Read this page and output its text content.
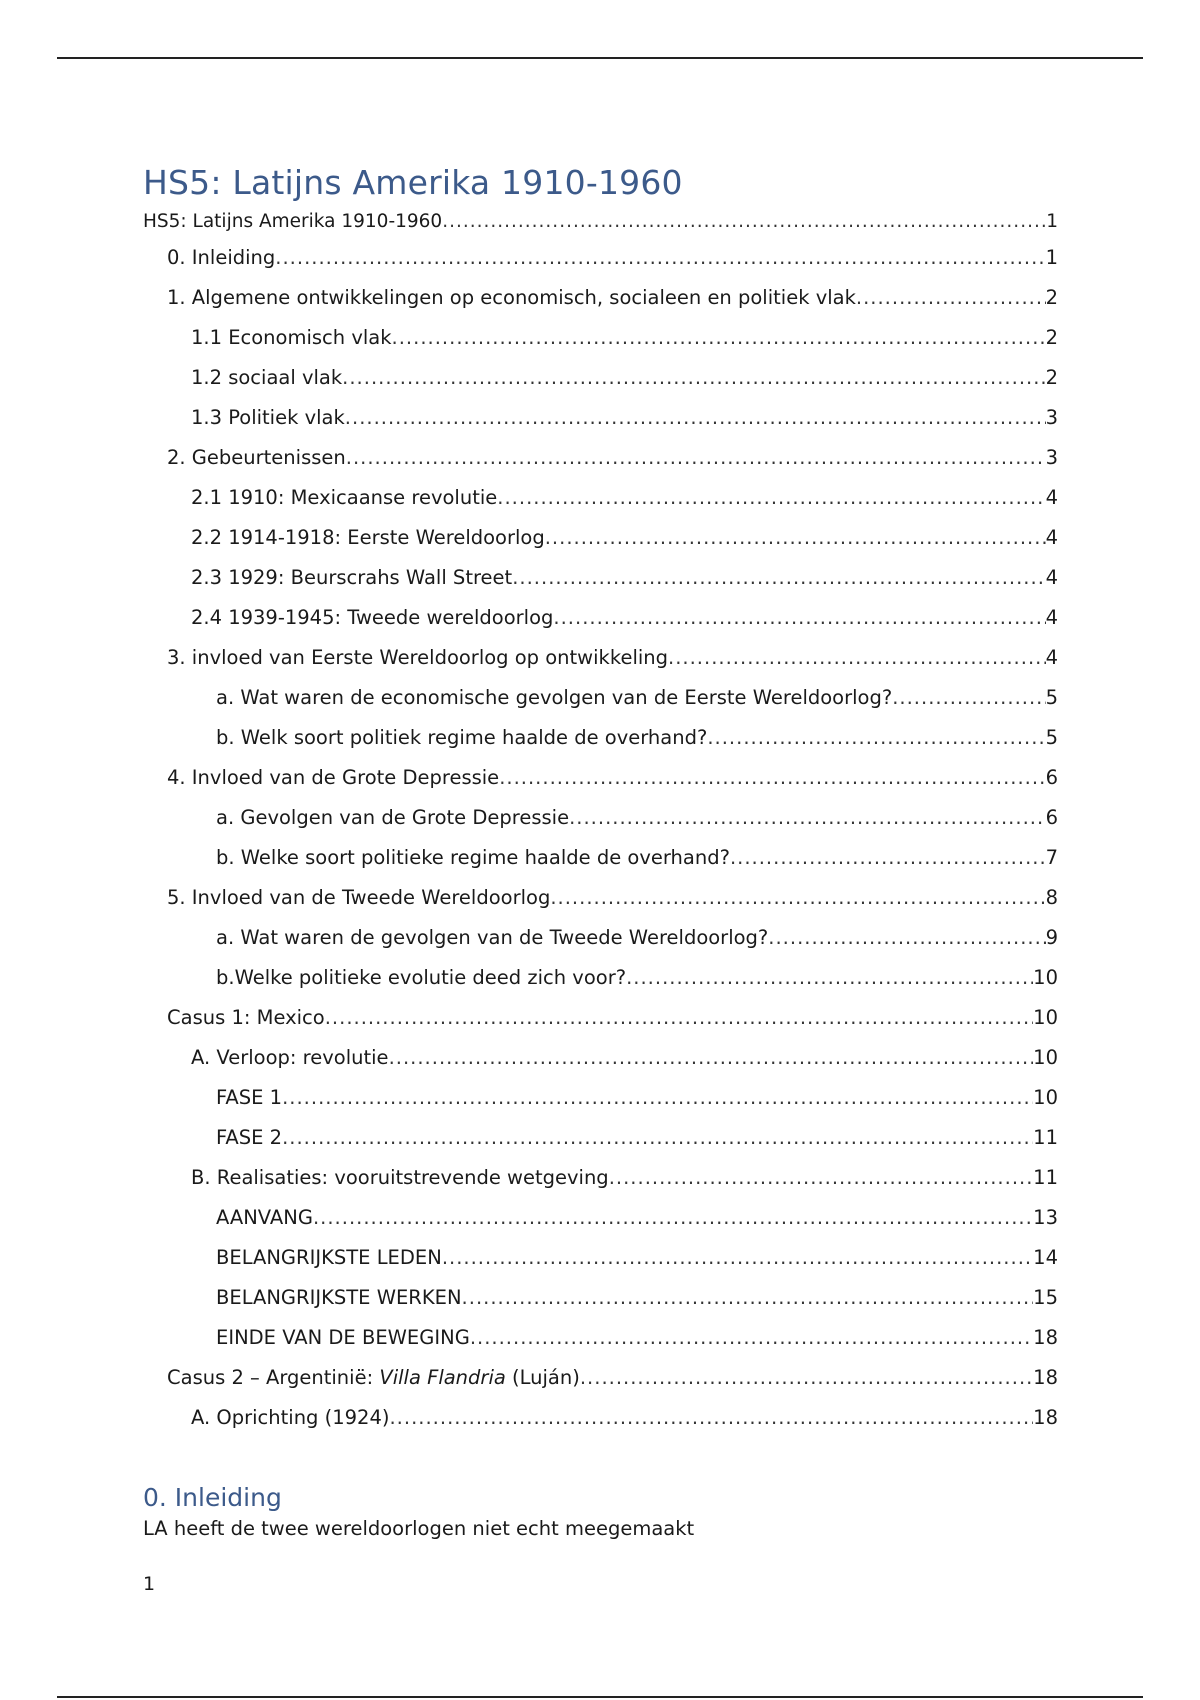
HS5: Latijns Amerika 1910-1960
HS5: Latijns Amerika 1910-1960 .....	1
0. Inleiding .....	1
1. Algemene ontwikkelingen op economisch, socialeen en politiek vlak .....	2
1.1 Economisch vlak .....	2
1.2 sociaal vlak .....	2
1.3 Politiek vlak .....	3
2. Gebeurtenissen .....	3
2.1 1910: Mexicaanse revolutie .....	4
2.2 1914-1918: Eerste Wereldoorlog .....	4
2.3 1929: Beurscrahs Wall Street .....	4
2.4 1939-1945: Tweede wereldoorlog .....	4
3. invloed van Eerste Wereldoorlog op ontwikkeling .....	4
a. Wat waren de economische gevolgen van de Eerste Wereldoorlog? .....	5
b. Welk soort politiek regime haalde de overhand? .....	5
4. Invloed van de Grote Depressie .....	6
a. Gevolgen van de Grote Depressie .....	6
b. Welke soort politieke regime haalde de overhand? .....	7
5. Invloed van de Tweede Wereldoorlog .....	8
a. Wat waren de gevolgen van de Tweede Wereldoorlog? .....	9
b.Welke politieke evolutie deed zich voor? .....	10
Casus 1: Mexico .....	10
A. Verloop: revolutie .....	10
FASE 1 .....	10
FASE 2 .....	11
B. Realisaties: vooruitstrevende wetgeving .....	11
AANVANG .....	13
BELANGRIJKSTE LEDEN .....	14
BELANGRIJKSTE WERKEN .....	15
EINDE VAN DE BEWEGING .....	18
Casus 2 – Argentinië: Villa Flandria (Luján) .....	18
A. Oprichting (1924) .....	18
0. Inleiding

LA heeft de twee wereldoorlogen niet echt meegemaakt

1
